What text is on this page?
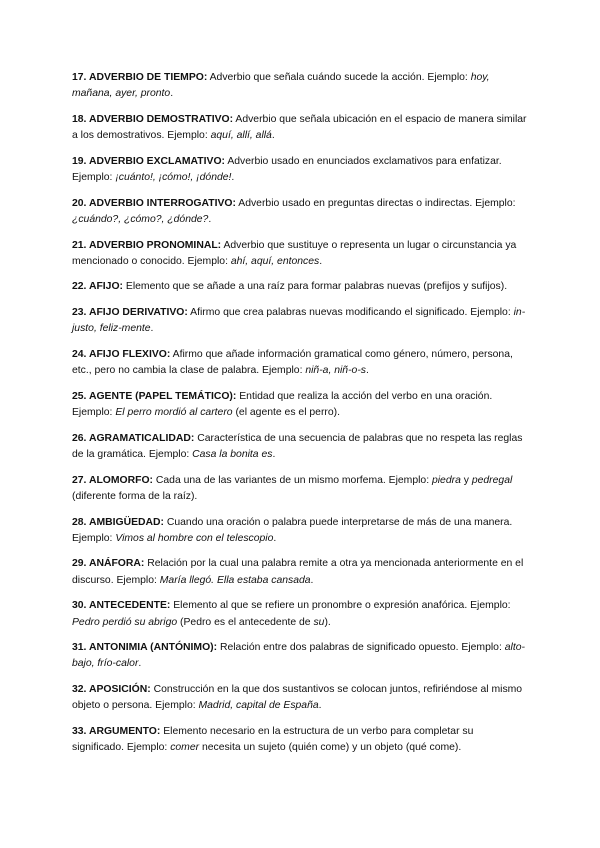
17. ADVERBIO DE TIEMPO: Adverbio que señala cuándo sucede la acción. Ejemplo: hoy, mañana, ayer, pronto.

18. ADVERBIO DEMOSTRATIVO: Adverbio que señala ubicación en el espacio de manera similar a los demostrativos. Ejemplo: aquí, allí, allá.

19. ADVERBIO EXCLAMATIVO: Adverbio usado en enunciados exclamativos para enfatizar. Ejemplo: ¡cuánto!, ¡cómo!, ¡dónde!.

20. ADVERBIO INTERROGATIVO: Adverbio usado en preguntas directas o indirectas. Ejemplo: ¿cuándo?, ¿cómo?, ¿dónde?.

21. ADVERBIO PRONOMINAL: Adverbio que sustituye o representa un lugar o circunstancia ya mencionado o conocido. Ejemplo: ahí, aquí, entonces.

22. AFIJO: Elemento que se añade a una raíz para formar palabras nuevas (prefijos y sufijos).

23. AFIJO DERIVATIVO: Afirmo que crea palabras nuevas modificando el significado. Ejemplo: in-justo, feliz-mente.

24. AFIJO FLEXIVO: Afirmo que añade información gramatical como género, número, persona, etc., pero no cambia la clase de palabra. Ejemplo: niñ-a, niñ-o-s.

25. AGENTE (PAPEL TEMÁTICO): Entidad que realiza la acción del verbo en una oración. Ejemplo: El perro mordió al cartero (el agente es el perro).

26. AGRAMATICALIDAD: Característica de una secuencia de palabras que no respeta las reglas de la gramática. Ejemplo: Casa la bonita es.

27. ALOMORFO: Cada una de las variantes de un mismo morfema. Ejemplo: piedra y pedregal (diferente forma de la raíz).

28. AMBIGÜEDAD: Cuando una oración o palabra puede interpretarse de más de una manera. Ejemplo: Vimos al hombre con el telescopio.

29. ANÁFORA: Relación por la cual una palabra remite a otra ya mencionada anteriormente en el discurso. Ejemplo: María llegó. Ella estaba cansada.

30. ANTECEDENTE: Elemento al que se refiere un pronombre o expresión anafórica. Ejemplo: Pedro perdió su abrigo (Pedro es el antecedente de su).

31. ANTONIMIA (ANTÓNIMO): Relación entre dos palabras de significado opuesto. Ejemplo: alto-bajo, frío-calor.

32. APOSICIÓN: Construcción en la que dos sustantivos se colocan juntos, refiriéndose al mismo objeto o persona. Ejemplo: Madrid, capital de España.

33. ARGUMENTO: Elemento necesario en la estructura de un verbo para completar su significado. Ejemplo: comer necesita un sujeto (quién come) y un objeto (qué come).
